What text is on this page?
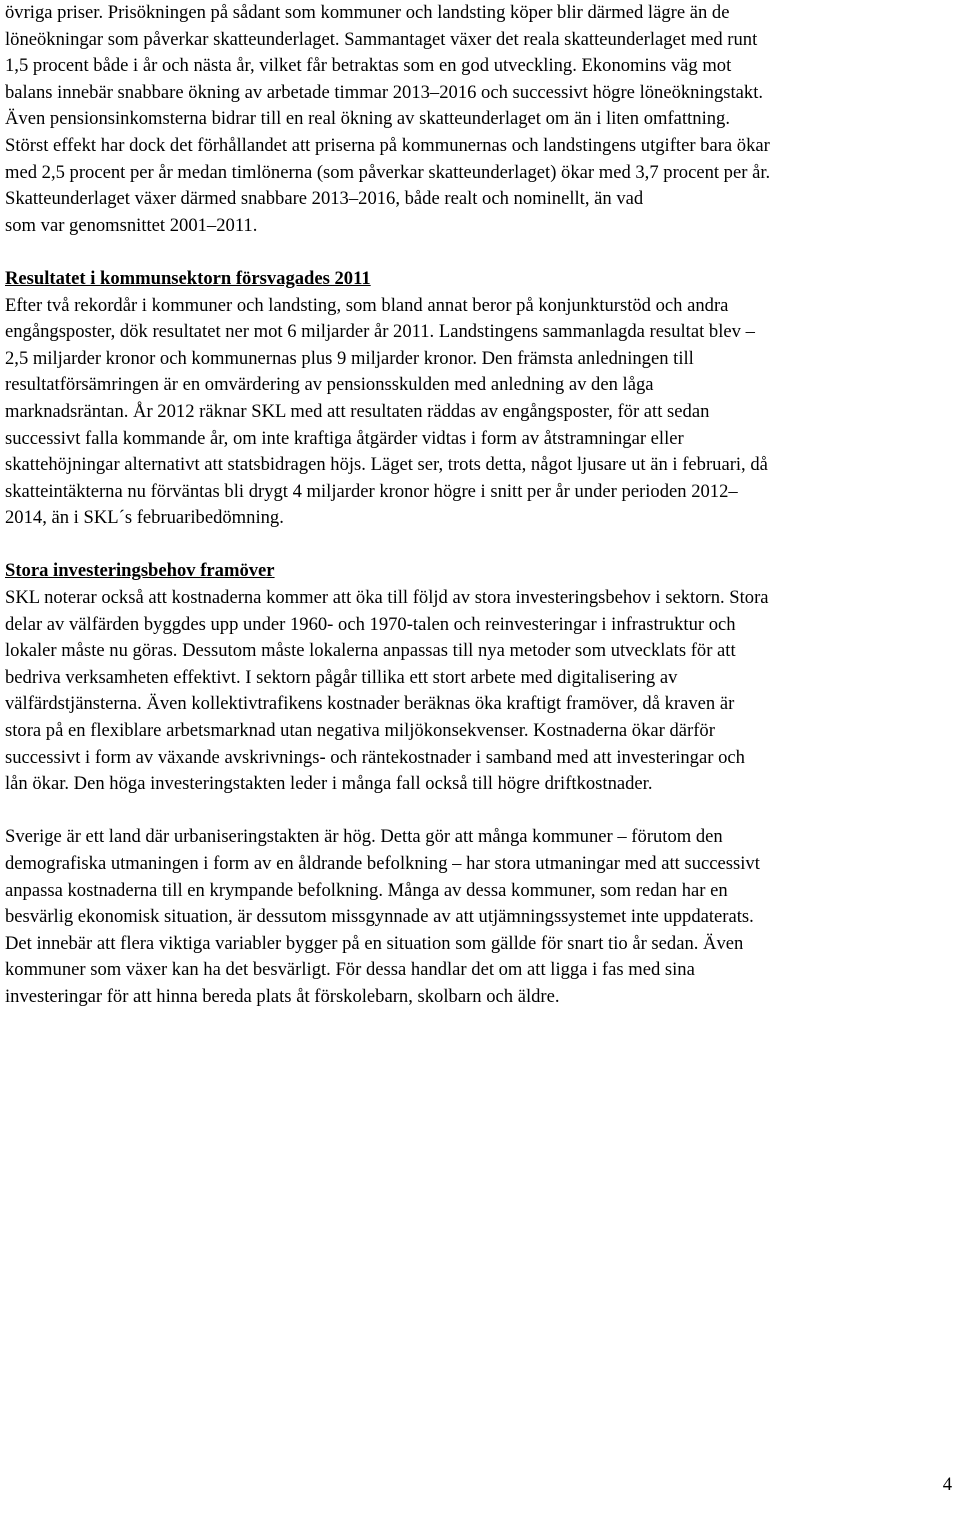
övriga priser. Prisökningen på sådant som kommuner och landsting köper blir därmed lägre än de
löneökningar som påverkar skatteunderlaget. Sammantaget växer det reala skatteunderlaget med runt
1,5 procent både i år och nästa år, vilket får betraktas som en god utveckling. Ekonomins väg mot
balans innebär snabbare ökning av arbetade timmar 2013–2016 och successivt högre löneökningstakt.
Även pensionsinkomsterna bidrar till en real ökning av skatteunderlaget om än i liten omfattning.
Störst effekt har dock det förhållandet att priserna på kommunernas och landstingens utgifter bara ökar
med 2,5 procent per år medan timlönerna (som påverkar skatteunderlaget) ökar med 3,7 procent per år.
Skatteunderlaget växer därmed snabbare 2013–2016, både realt och nominellt, än vad
som var genomsnittet 2001–2011.

Resultatet i kommunsektorn försvagades 2011

Efter två rekordår i kommuner och landsting, som bland annat beror på konjunkturstöd och andra
engångsposter, dök resultatet ner mot 6 miljarder år 2011. Landstingens sammanlagda resultat blev –
2,5 miljarder kronor och kommunernas plus 9 miljarder kronor. Den främsta anledningen till
resultatförsämringen är en omvärdering av pensionsskulden med anledning av den låga
marknadsräntan. År 2012 räknar SKL med att resultaten räddas av engångsposter, för att sedan
successivt falla kommande år, om inte kraftiga åtgärder vidtas i form av åtstramningar eller
skattehöjningar alternativt att statsbidragen höjs. Läget ser, trots detta, något ljusare ut än i februari, då
skatteintäkterna nu förväntas bli drygt 4 miljarder kronor högre i snitt per år under perioden 2012–
2014, än i SKL´s februaribedömning.

Stora investeringsbehov framöver

SKL noterar också att kostnaderna kommer att öka till följd av stora investeringsbehov i sektorn. Stora
delar av välfärden byggdes upp under 1960- och 1970-talen och reinvesteringar i infrastruktur och
lokaler måste nu göras. Dessutom måste lokalerna anpassas till nya metoder som utvecklats för att
bedriva verksamheten effektivt. I sektorn pågår tillika ett stort arbete med digitalisering av
välfärdstjänsterna. Även kollektivtrafikens kostnader beräknas öka kraftigt framöver, då kraven är
stora på en flexiblare arbetsmarknad utan negativa miljökonsekvenser. Kostnaderna ökar därför
successivt i form av växande avskrivnings- och räntekostnader i samband med att investeringar och
lån ökar. Den höga investeringstakten leder i många fall också till högre driftkostnader.

Sverige är ett land där urbaniseringstakten är hög. Detta gör att många kommuner – förutom den
demografiska utmaningen i form av en åldrande befolkning – har stora utmaningar med att successivt
anpassa kostnaderna till en krympande befolkning. Många av dessa kommuner, som redan har en
besvärlig ekonomisk situation, är dessutom missgynnade av att utjämningssystemet inte uppdaterats.
Det innebär att flera viktiga variabler bygger på en situation som gällde för snart tio år sedan. Även
kommuner som växer kan ha det besvärligt. För dessa handlar det om att ligga i fas med sina
investeringar för att hinna bereda plats åt förskolebarn, skolbarn och äldre.

4
